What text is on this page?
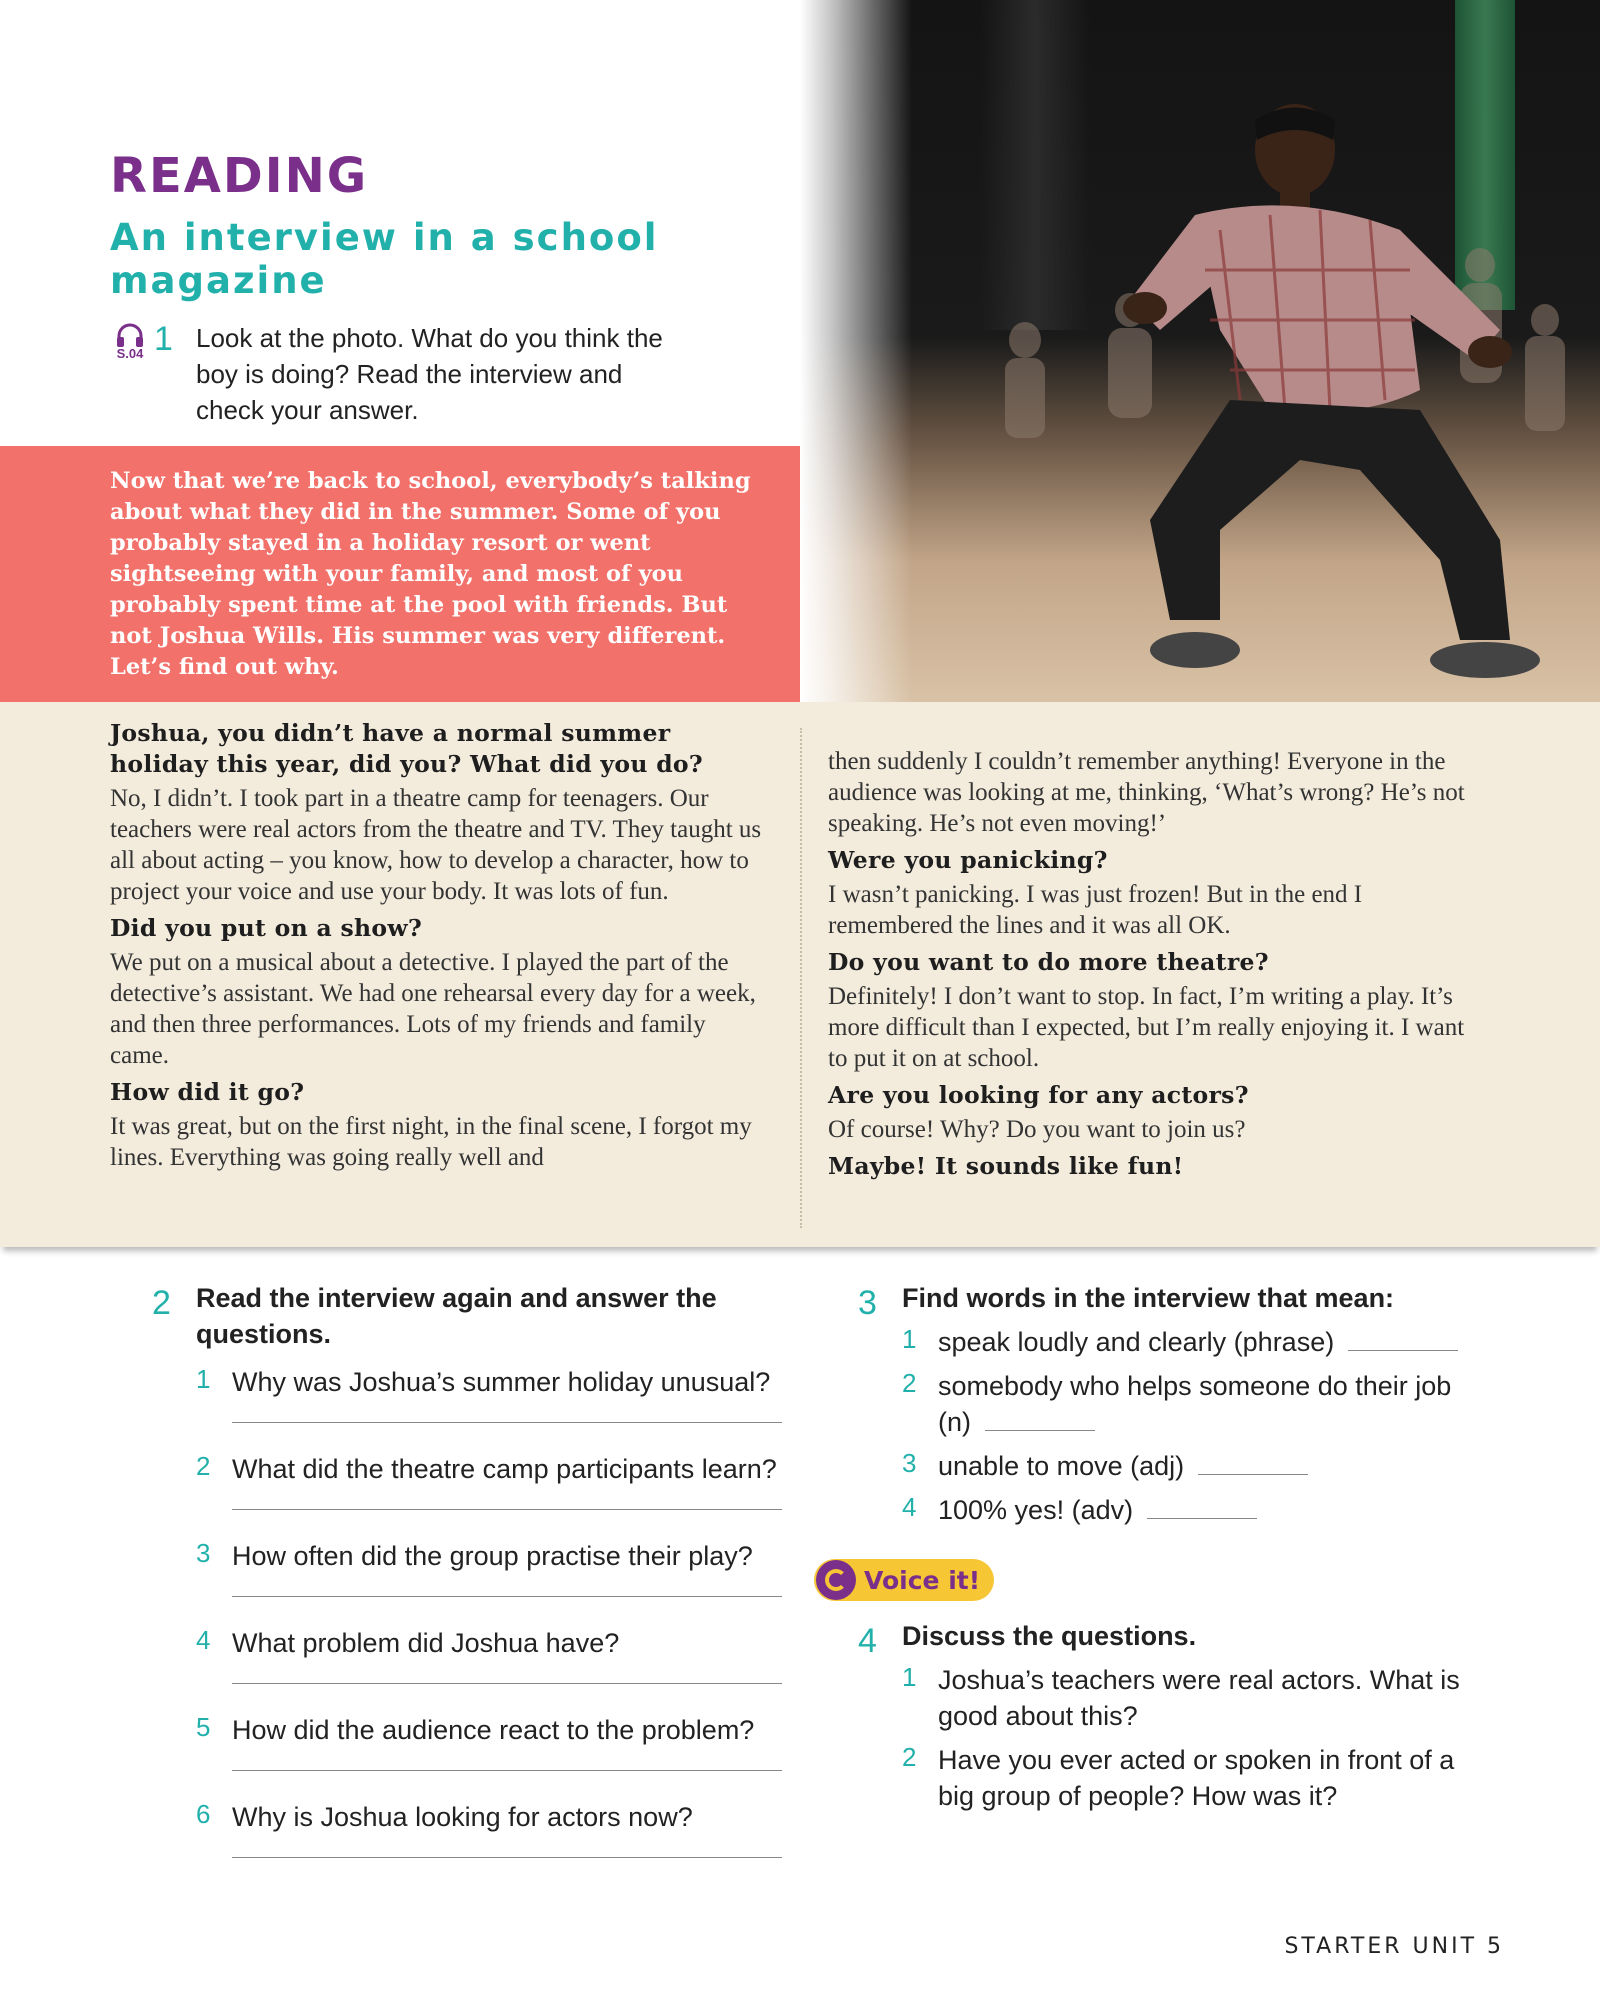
READING
An interview in a school magazine
S.04 1 Look at the photo. What do you think the boy is doing? Read the interview and check your answer.

Now that we’re back to school, everybody’s talking about what they did in the summer. Some of you probably stayed in a holiday resort or went sightseeing with your family, and most of you probably spent time at the pool with friends. But not Joshua Wills. His summer was very different. Let’s find out why.

Joshua, you didn’t have a normal summer holiday this year, did you? What did you do?
No, I didn’t. I took part in a theatre camp for teenagers. Our teachers were real actors from the theatre and TV. They taught us all about acting – you know, how to develop a character, how to project your voice and use your body. It was lots of fun.
Did you put on a show?
We put on a musical about a detective. I played the part of the detective’s assistant. We had one rehearsal every day for a week, and then three performances. Lots of my friends and family came.
How did it go?
It was great, but on the first night, in the final scene, I forgot my lines. Everything was going really well and
then suddenly I couldn’t remember anything! Everyone in the audience was looking at me, thinking, ‘What’s wrong? He’s not speaking. He’s not even moving!’
Were you panicking?
I wasn’t panicking. I was just frozen! But in the end I remembered the lines and it was all OK.
Do you want to do more theatre?
Definitely! I don’t want to stop. In fact, I’m writing a play. It’s more difficult than I expected, but I’m really enjoying it. I want to put it on at school.
Are you looking for any actors?
Of course! Why? Do you want to join us?
Maybe! It sounds like fun!
2 Read the interview again and answer the questions.
1 Why was Joshua’s summer holiday unusual?
2 What did the theatre camp participants learn?
3 How often did the group practise their play?
4 What problem did Joshua have?
5 How did the audience react to the problem?
6 Why is Joshua looking for actors now?
3 Find words in the interview that mean:
1 speak loudly and clearly (phrase)
2 somebody who helps someone do their job (n)
3 unable to move (adj)
4 100% yes! (adv)
Voice it!
4 Discuss the questions.
1 Joshua’s teachers were real actors. What is good about this?
2 Have you ever acted or spoken in front of a big group of people? How was it?
STARTER UNIT 5
